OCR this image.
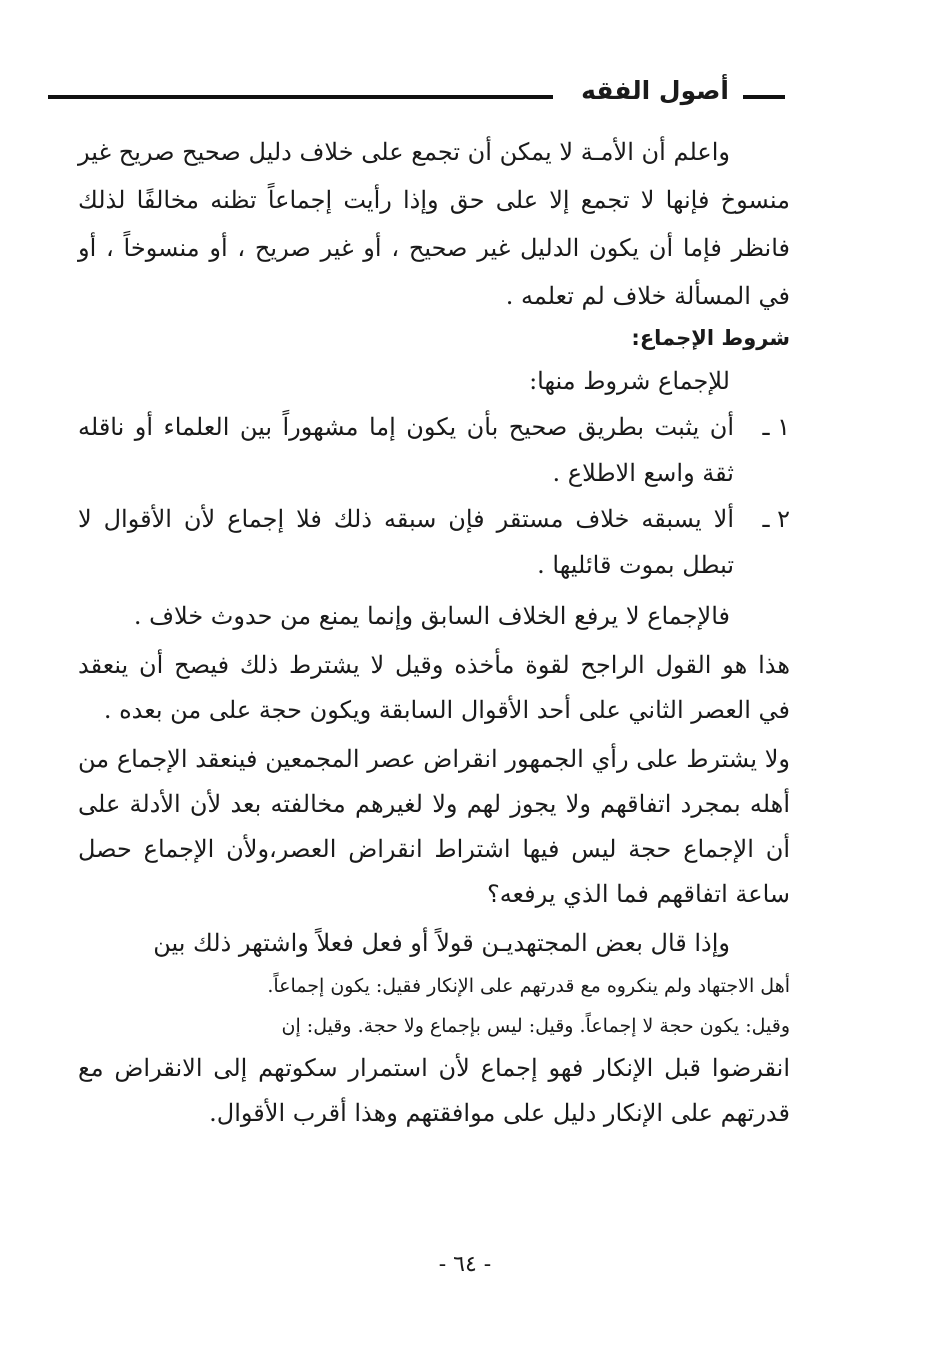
أصول الفقه

واعلم أن الأمـة لا يمكن أن تجمع على خلاف دليل صحيح صريح غير منسوخ فإنها لا تجمع إلا على حق وإذا رأيت إجماعاً تظنه مخالفًا لذلك فانظر فإما أن يكون الدليل غير صحيح ، أو غير صريح ، أو منسوخاً ، أو في المسألة خلاف لم تعلمه .

شروط الإجماع:

للإجماع شروط منها:

١ ـ
أن يثبت بطريق صحيح بأن يكون إما مشهوراً بين العلماء أو ناقله ثقة واسع الاطلاع .
٢ ـ
ألا يسبقه خلاف مستقر فإن سبقه ذلك فلا إجماع لأن الأقوال لا تبطل بموت قائليها .

فالإجماع لا يرفع الخلاف السابق وإنما يمنع من حدوث خلاف .

هذا هو القول الراجح لقوة مأخذه وقيل لا يشترط ذلك فيصح أن ينعقد في العصر الثاني على أحد الأقوال السابقة ويكون حجة على من بعده .

ولا يشترط على رأي الجمهور انقراض عصر المجمعين فينعقد الإجماع من أهله بمجرد اتفاقهم ولا يجوز لهم ولا لغيرهم مخالفته بعد لأن الأدلة على أن الإجماع حجة ليس فيها اشتراط انقراض العصر،ولأن الإجماع حصل ساعة اتفاقهم فما الذي يرفعه؟

وإذا قال بعض المجتهديـن قولاً أو فعل فعلاً واشتهر ذلك بين

أهل الاجتهاد ولم ينكروه مع قدرتهم على الإنكار فقيل: يكون إجماعاً.

وقيل: يكون حجة لا إجماعاً. وقيل: ليس بإجماع ولا حجة. وقيل: إن

انقرضوا قبل الإنكار فهو إجماع لأن استمرار سكوتهم إلى الانقراض مع قدرتهم على الإنكار دليل على موافقتهم وهذا أقرب الأقوال.

- ٦٤ -
